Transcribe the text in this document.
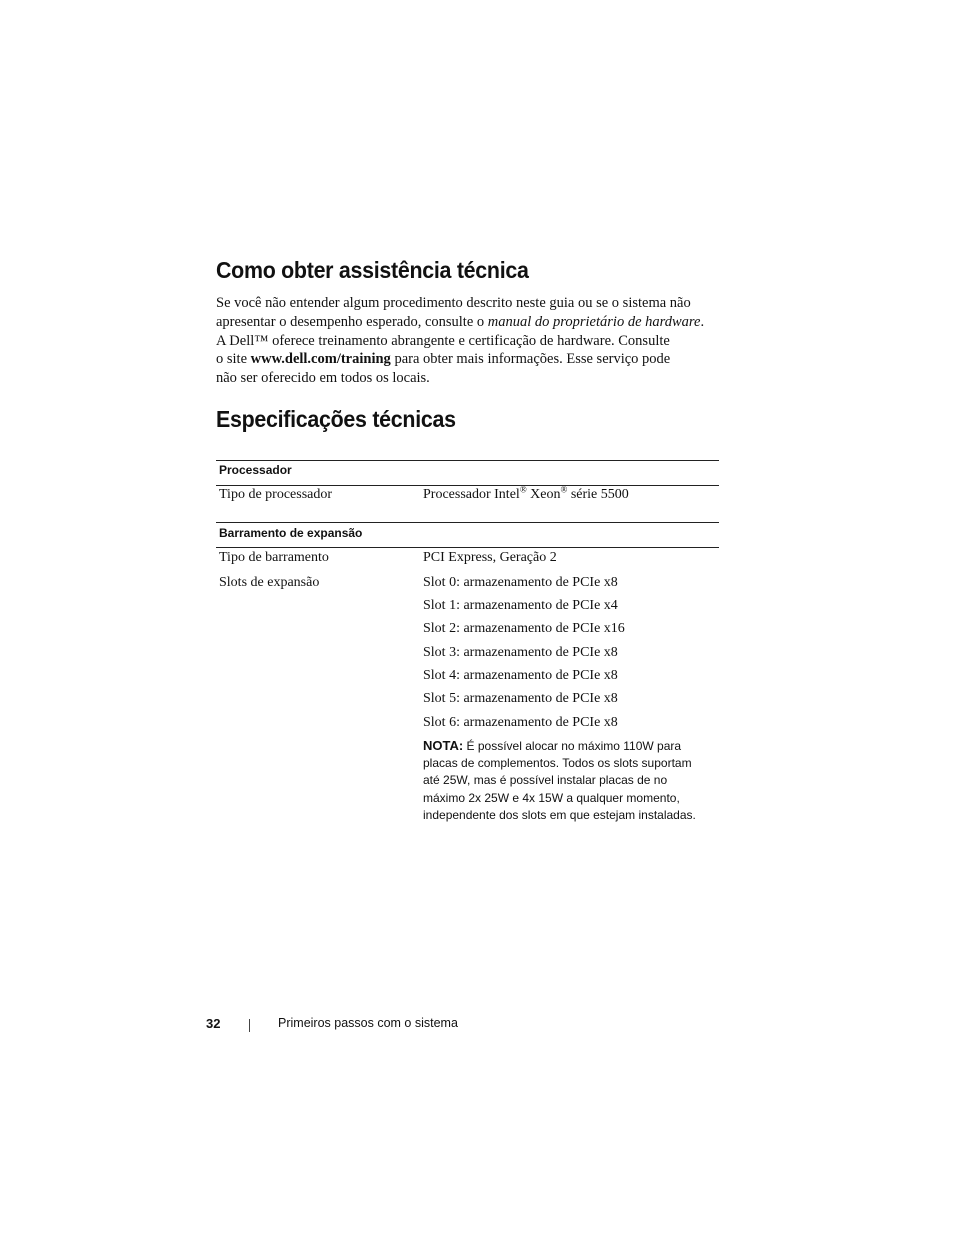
Como obter assistência técnica
Se você não entender algum procedimento descrito neste guia ou se o sistema não
apresentar o desempenho esperado, consulte o manual do proprietário de hardware.
A Dell™ oferece treinamento abrangente e certificação de hardware. Consulte
o site www.dell.com/training para obter mais informações. Esse serviço pode
não ser oferecido em todos os locais.
Especificações técnicas
Processador
Tipo de processador	Processador Intel® Xeon® série 5500
Barramento de expansão
Tipo de barramento	PCI Express, Geração 2
Slots de expansão	Slot 0: armazenamento de PCIe x8
Slot 1: armazenamento de PCIe x4
Slot 2: armazenamento de PCIe x16
Slot 3: armazenamento de PCIe x8
Slot 4: armazenamento de PCIe x8
Slot 5: armazenamento de PCIe x8
Slot 6: armazenamento de PCIe x8
NOTA: É possível alocar no máximo 110W para
placas de complementos. Todos os slots suportam
até 25W, mas é possível instalar placas de no
máximo 2x 25W e 4x 15W a qualquer momento,
independente dos slots em que estejam instaladas.
32	Primeiros passos com o sistema
